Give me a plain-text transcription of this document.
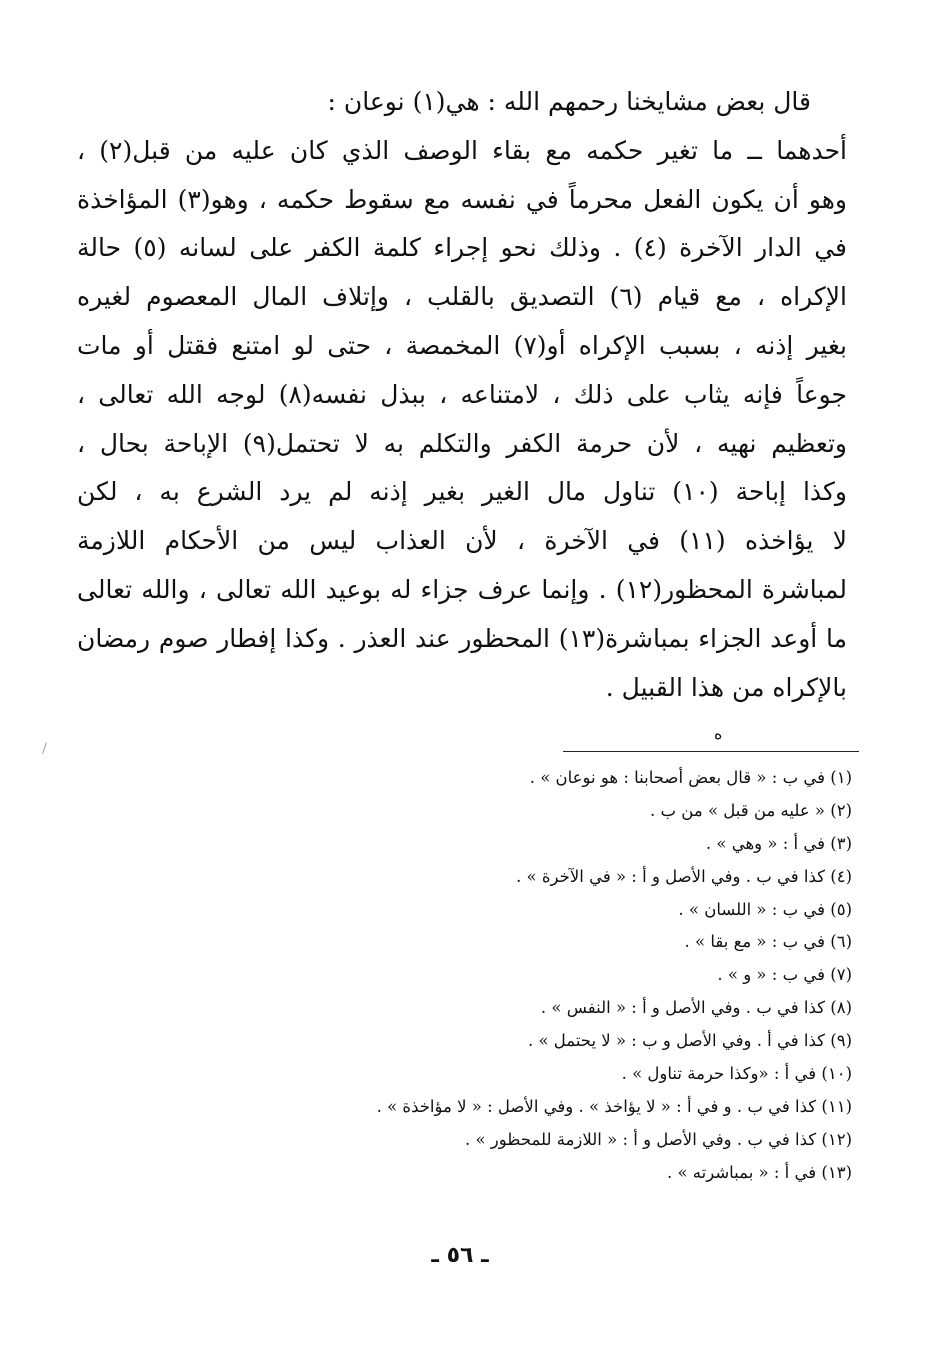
قال بعض مشايخنا رحمهم الله : هي(١) نوعان :
أحدهما ــ ما تغير حكمه مع بقاء الوصف الذي كان عليه من قبل(٢) ،
وهو أن يكون الفعل محرماً في نفسه مع سقوط حكمه ، وهو(٣) المؤاخذة
في الدار الآخرة (٤) . وذلك نحو إجراء كلمة الكفر على لسانه (٥) حالة
الإكراه ، مع قيام (٦) التصديق بالقلب ، وإتلاف المال المعصوم لغيره
بغير إذنه ، بسبب الإكراه أو(٧) المخمصة ، حتى لو امتنع فقتل أو مات
جوعاً فإنه يثاب على ذلك ، لامتناعه ، ببذل نفسه(٨) لوجه الله تعالى ،
وتعظيم نهيه ، لأن حرمة الكفر والتكلم به لا تحتمل(٩) الإباحة بحال ،
وكذا إباحة (١٠) تناول مال الغير بغير إذنه لم يرد الشرع به ، لكن
لا يؤاخذه (١١) في الآخرة ، لأن العذاب ليس من الأحكام اللازمة
لمباشرة المحظور(١٢) . وإنما عرف جزاء له بوعيد الله تعالى ، والله تعالى
ما أوعد الجزاء بمباشرة(١٣) المحظور عند العذر . وكذا إفطار صوم رمضان
بالإكراه من هذا القبيل .
ه
(١) في ب : « قال بعض أصحابنا : هو نوعان » .
(٢) « عليه من قبل » من ب .
(٣) في أ : « وهي » .
(٤) كذا في ب . وفي الأصل و أ : « في الآخرة » .
(٥) في ب : « اللسان » .
(٦) في ب : « مع بقا » .
(٧) في ب : « و » .
(٨) كذا في ب . وفي الأصل و أ : « النفس » .
(٩) كذا في أ . وفي الأصل و ب : « لا يحتمل » .
(١٠) في أ : «وكذا حرمة تناول » .
(١١) كذا في ب . و في أ : « لا يؤاخذ » . وفي الأصل : « لا مؤاخذة » .
(١٢) كذا في ب . وفي الأصل و أ : « اللازمة للمحظور » .
(١٣) في أ : « بمباشرته » .
ـ ٥٦ ـ
